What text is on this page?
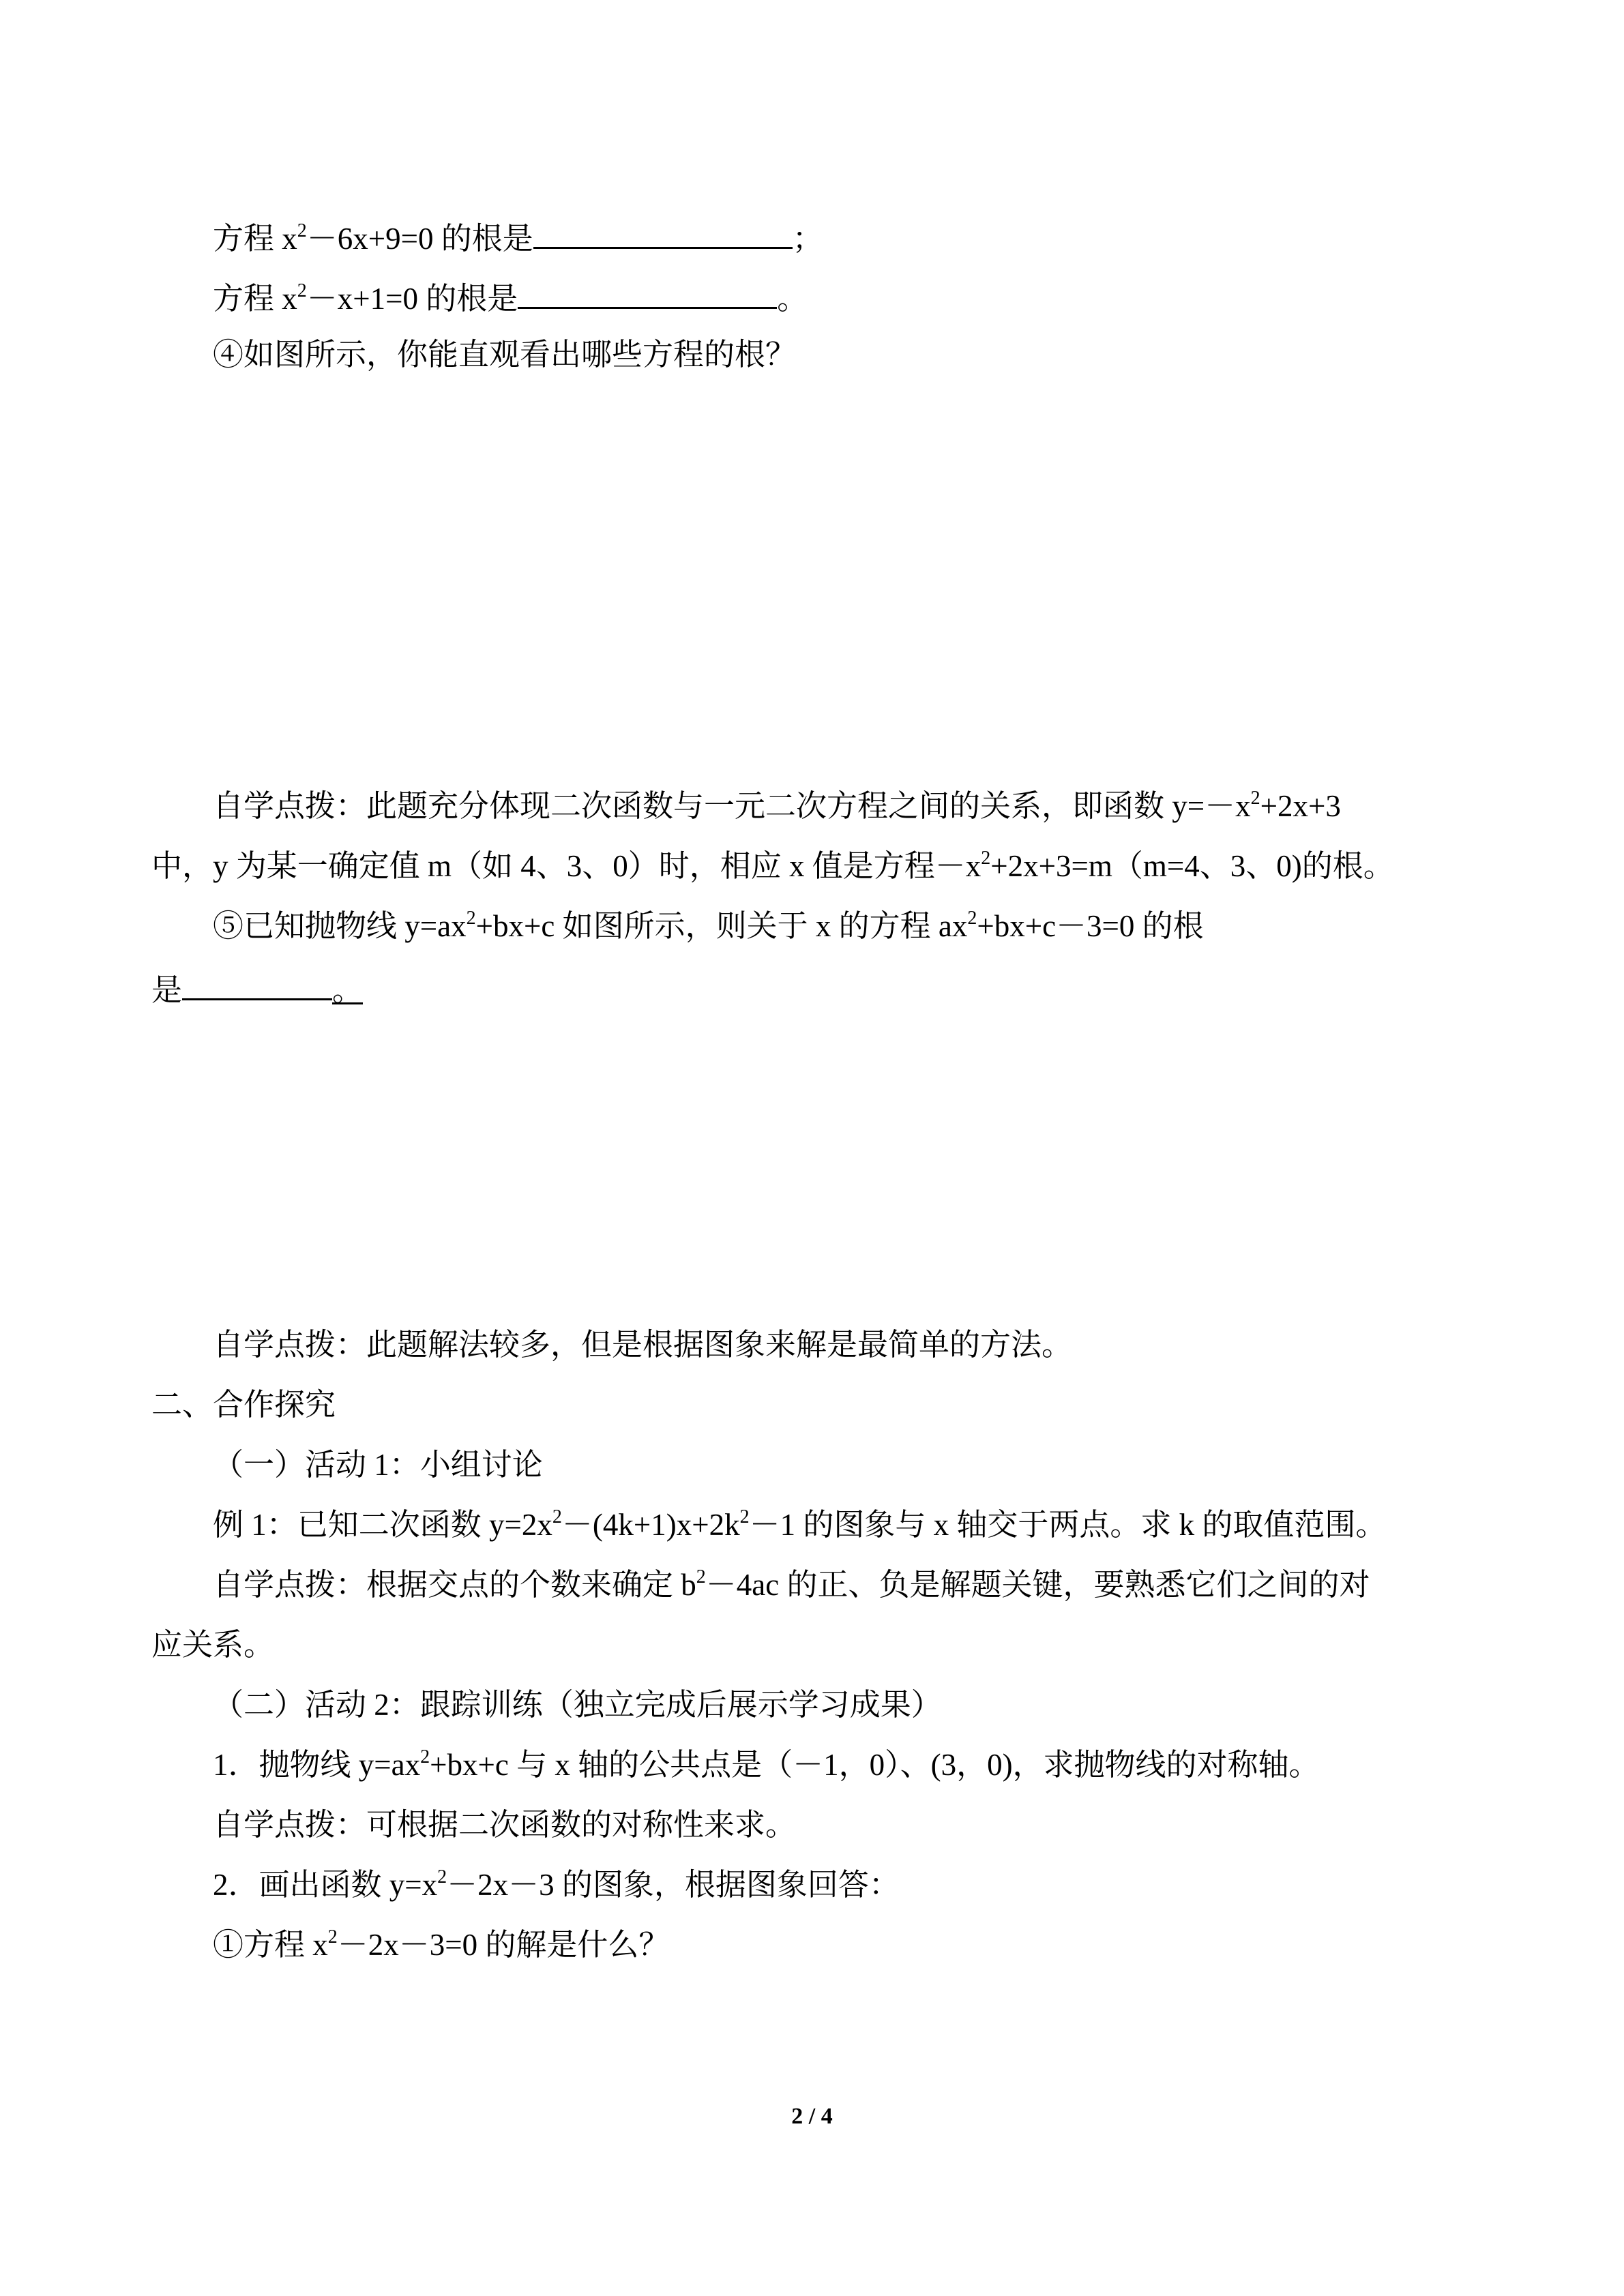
方程 $x^2-6x+9=0$ 的根是	；
方程 $x^2-x+1=0$ 的根是	。
④如图所示，你能直观看出哪些方程的根？
自学点拨：此题充分体现二次函数与一元二次方程之间的关系，即函数 $y=-x^2+2x+3$
中，y 为某一确定值 m（如 4、3、0）时，相应 x 值是方程$-x^2+2x+3=m(m=4$、3、0)的根。
⑤已知抛物线 $y=ax^2+bx+c$ 如图所示，则关于 x 的方程 $ax^2+bx+c-3=0$ 的根
是	。
自学点拨：此题解法较多，但是根据图象来解是最简单的方法。
二、合作探究
（一）活动 1：小组讨论
例 1：已知二次函数 $y=2x^2-(4k+1)x+2k^2-1$ 的图象与 x 轴交于两点。求 k 的取值范围。
自学点拨：根据交点的个数来确定 $b^2-4ac$ 的正、负是解题关键，要熟悉它们之间的对
应关系。
（二）活动 2：跟踪训练（独立完成后展示学习成果）
1．抛物线 $y=ax^2+bx+c$ 与 x 轴的公共点是（－1，0）、(3，0)，求抛物线的对称轴。
自学点拨：可根据二次函数的对称性来求。
2．画出函数 $y=x^2-2x-3$ 的图象，根据图象回答：
①方程 $x^2-2x-3=0$ 的解是什么？
2 / 4
